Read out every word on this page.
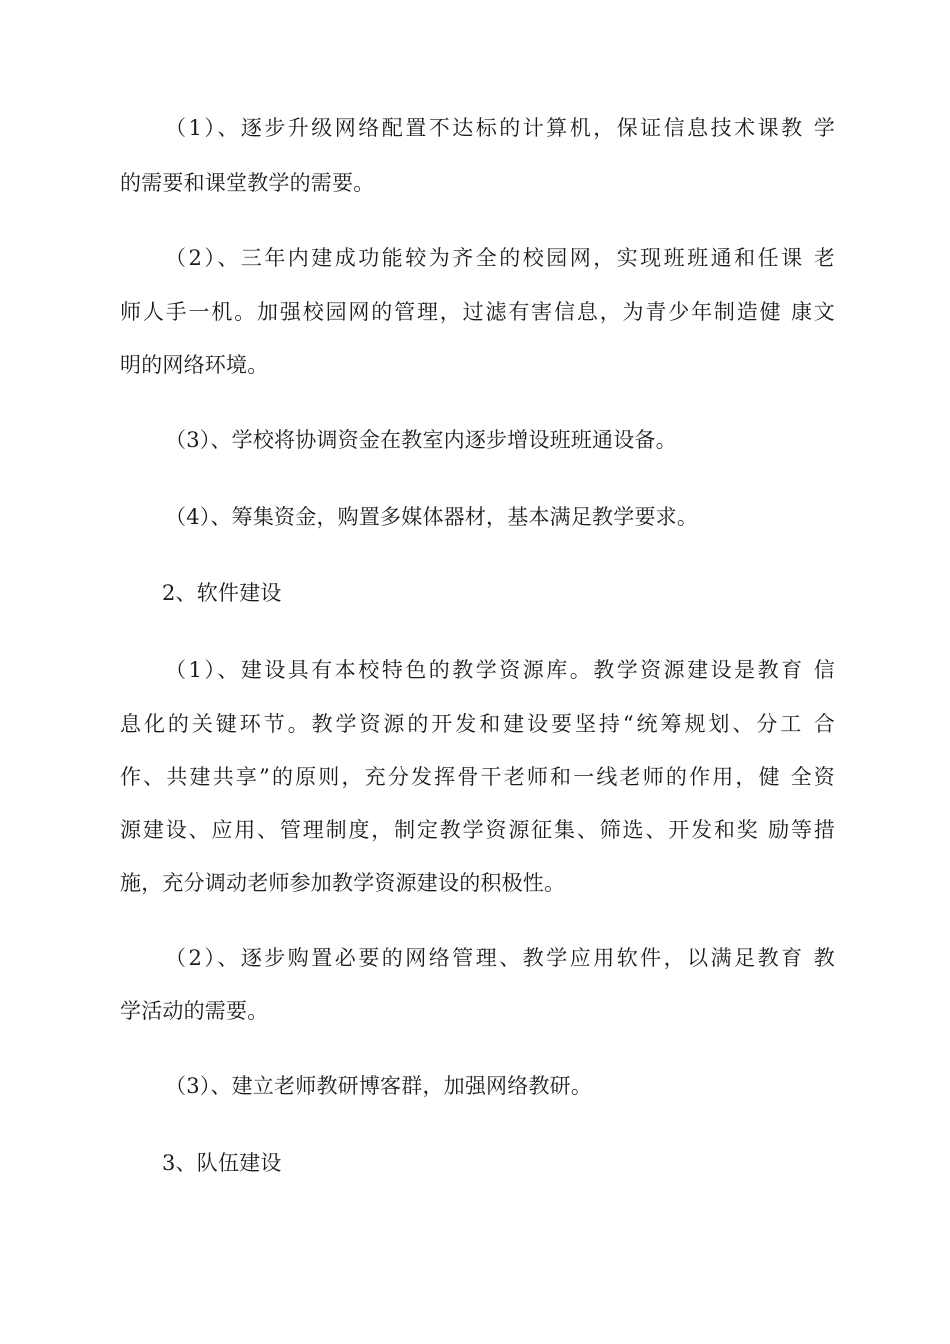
（1）、逐步升级网络配置不达标的计算机，保证信息技术课教 学
的需要和课堂教学的需要。
（2）、三年内建成功能较为齐全的校园网，实现班班通和任课 老
师人手一机。加强校园网的管理，过滤有害信息，为青少年制造健 康文
明的网络环境。
（3）、学校将协调资金在教室内逐步增设班班通设备。
（4）、筹集资金，购置多媒体器材，基本满足教学要求。
2、软件建设
（1）、建设具有本校特色的教学资源库。教学资源建设是教育 信
息化的关键环节。教学资源的开发和建设要坚持“统筹规划、分工 合
作、共建共享”的原则，充分发挥骨干老师和一线老师的作用，健 全资
源建设、应用、管理制度，制定教学资源征集、筛选、开发和奖 励等措
施，充分调动老师参加教学资源建设的积极性。
（2）、逐步购置必要的网络管理、教学应用软件，以满足教育 教
学活动的需要。
（3）、建立老师教研博客群，加强网络教研。
3、队伍建设
